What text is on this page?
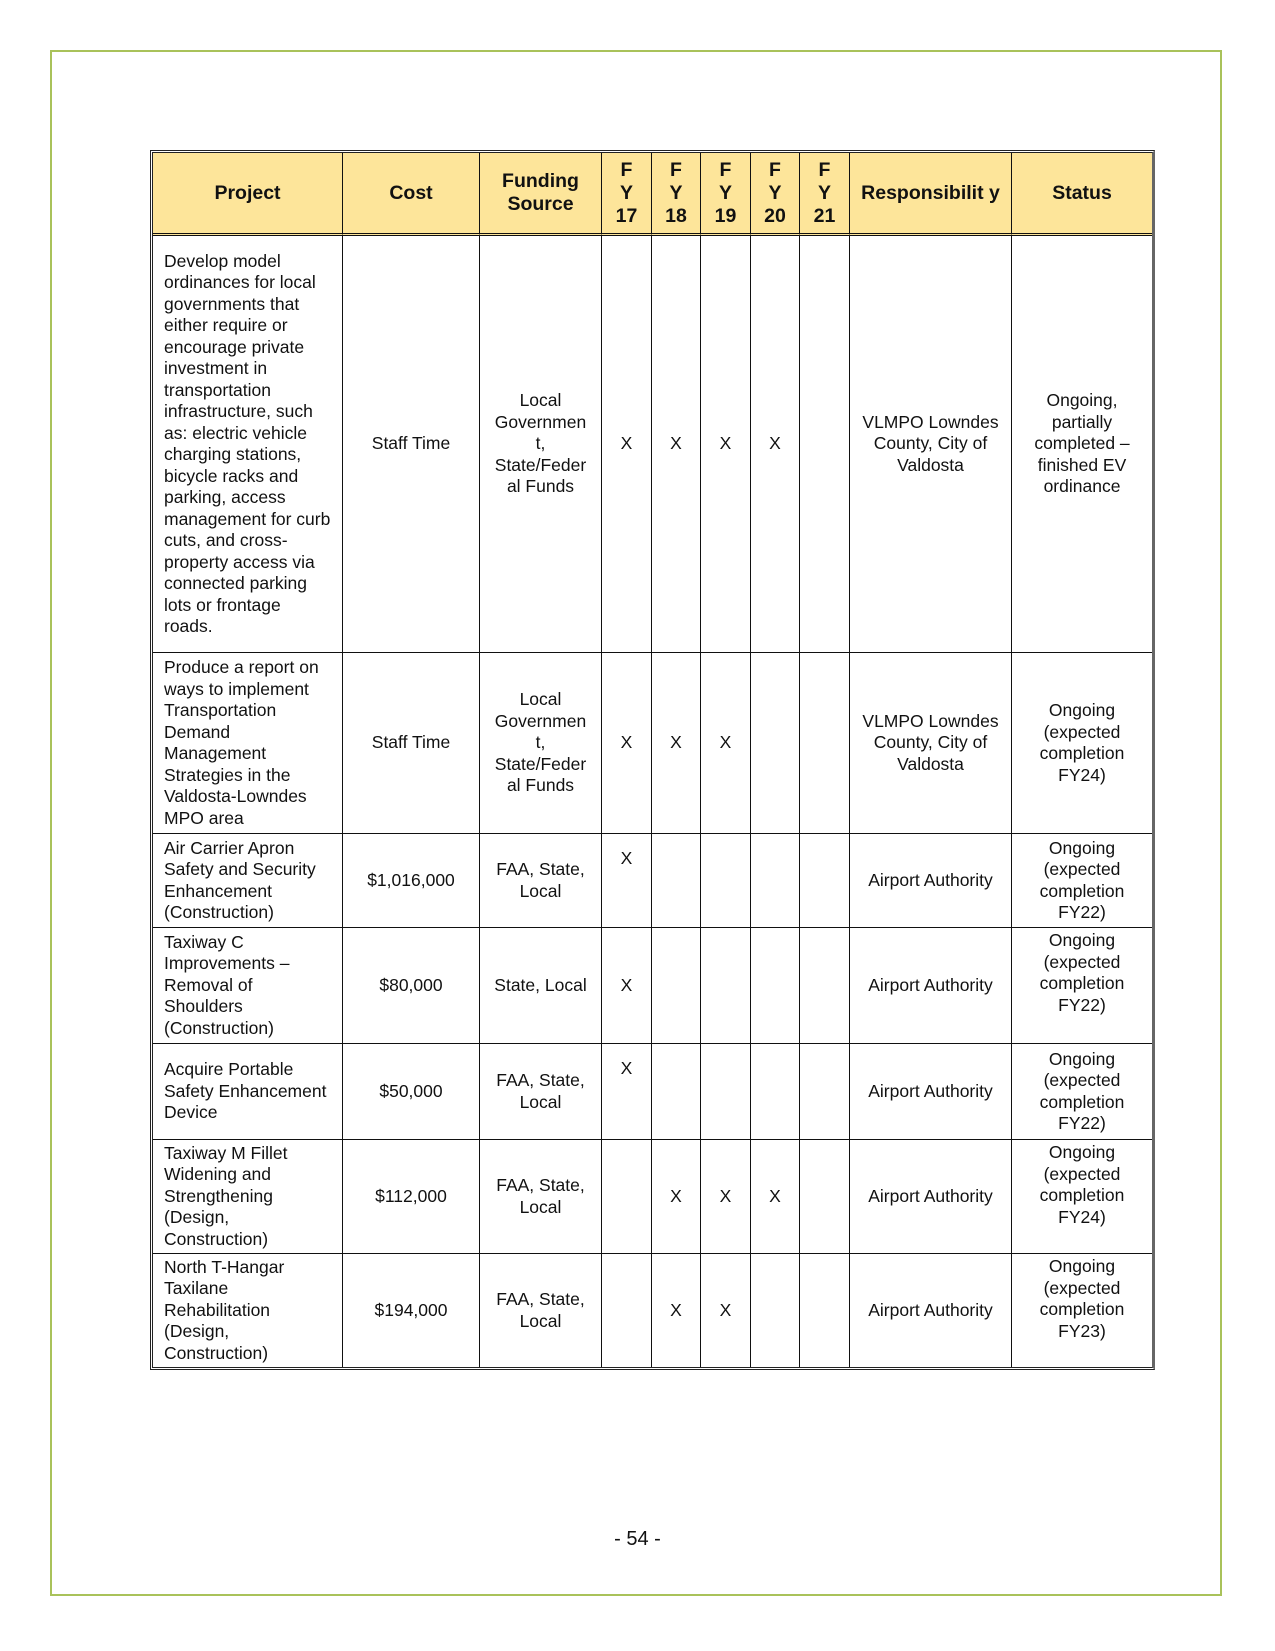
Project	Cost	Funding Source	F Y 17	F Y 18	F Y 19	F Y 20	F Y 21	Responsibilit y	Status
Develop model ordinances for local governments that either require or encourage private investment in transportation infrastructure, such as: electric vehicle charging stations, bicycle racks and parking, access management for curb cuts, and cross-property access via connected parking lots or frontage roads.	Staff Time	Local Governmen t, State/Feder al Funds	X	X	X	X		VLMPO Lowndes County, City of Valdosta	Ongoing, partially completed – finished EV ordinance
Produce a report on ways to implement Transportation Demand Management Strategies in the Valdosta-Lowndes MPO area	Staff Time	Local Governmen t, State/Feder al Funds	X	X	X			VLMPO Lowndes County, City of Valdosta	Ongoing (expected completion FY24)
Air Carrier Apron Safety and Security Enhancement (Construction)	$1,016,000	FAA, State, Local	X					Airport Authority	Ongoing (expected completion FY22)
Taxiway C Improvements – Removal of Shoulders (Construction)	$80,000	State, Local	X					Airport Authority	Ongoing (expected completion FY22)
Acquire Portable Safety Enhancement Device	$50,000	FAA, State, Local	X					Airport Authority	Ongoing (expected completion FY22)
Taxiway M Fillet Widening and Strengthening (Design, Construction)	$112,000	FAA, State, Local		X	X	X		Airport Authority	Ongoing (expected completion FY24)
North T-Hangar Taxilane Rehabilitation (Design, Construction)	$194,000	FAA, State, Local		X	X			Airport Authority	Ongoing (expected completion FY23)
- 54 -
